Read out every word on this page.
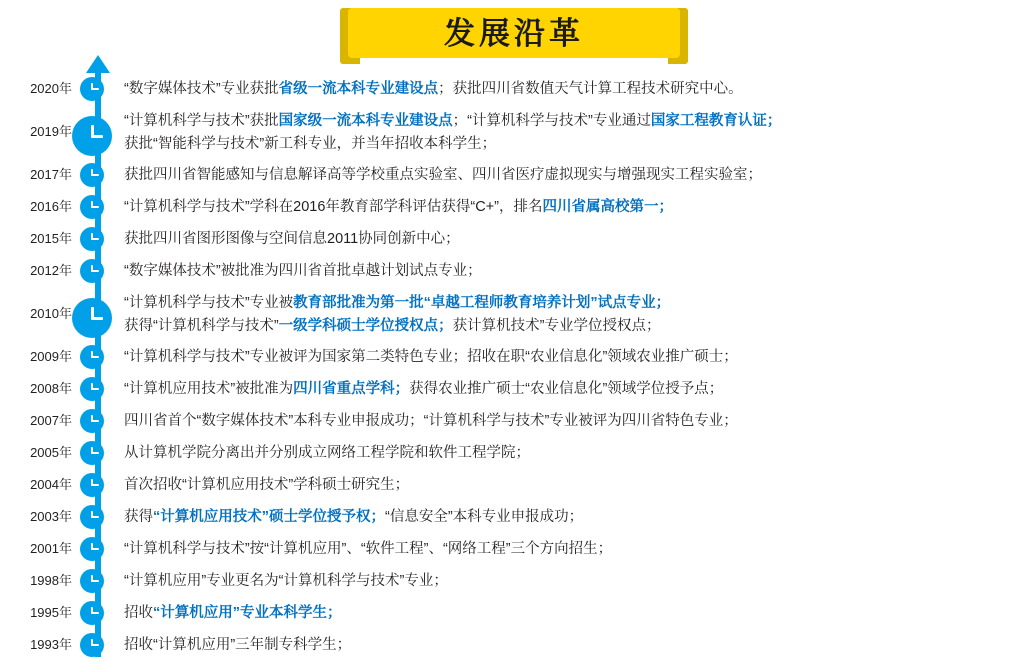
发展沿革
2020年	“数字媒体技术”专业获批省级一流本科专业建设点；获批四川省数值天气计算工程技术研究中心。
2019年
“计算机科学与技术”获批国家级一流本科专业建设点；“计算机科学与技术”专业通过国家工程教育认证；
获批“智能科学与技术”新工科专业，并当年招收本科学生；
2017年	获批四川省智能感知与信息解译高等学校重点实验室、四川省医疗虚拟现实与增强现实工程实验室；
2016年	“计算机科学与技术”学科在2016年教育部学科评估获得“C+”，排名四川省属高校第一；
2015年	获批四川省图形图像与空间信息2011协同创新中心；
2012年	“数字媒体技术”被批准为四川省首批卓越计划试点专业；
2010年
“计算机科学与技术”专业被教育部批准为第一批“卓越工程师教育培养计划”试点专业；
获得“计算机科学与技术”一级学科硕士学位授权点；获计算机技术”专业学位授权点；
2009年	“计算机科学与技术”专业被评为国家第二类特色专业；招收在职“农业信息化”领域农业推广硕士；
2008年	“计算机应用技术”被批准为四川省重点学科；获得农业推广硕士“农业信息化”领域学位授予点；
2007年	四川省首个“数字媒体技术”本科专业申报成功；“计算机科学与技术”专业被评为四川省特色专业；
2005年	从计算机学院分离出并分别成立网络工程学院和软件工程学院；
2004年	首次招收“计算机应用技术”学科硕士研究生；
2003年	获得“计算机应用技术”硕士学位授予权；“信息安全”本科专业申报成功；
2001年	“计算机科学与技术”按“计算机应用”、“软件工程”、“网络工程”三个方向招生；
1998年	“计算机应用”专业更名为“计算机科学与技术”专业；
1995年	招收“计算机应用”专业本科学生；
1993年	招收“计算机应用”三年制专科学生；
